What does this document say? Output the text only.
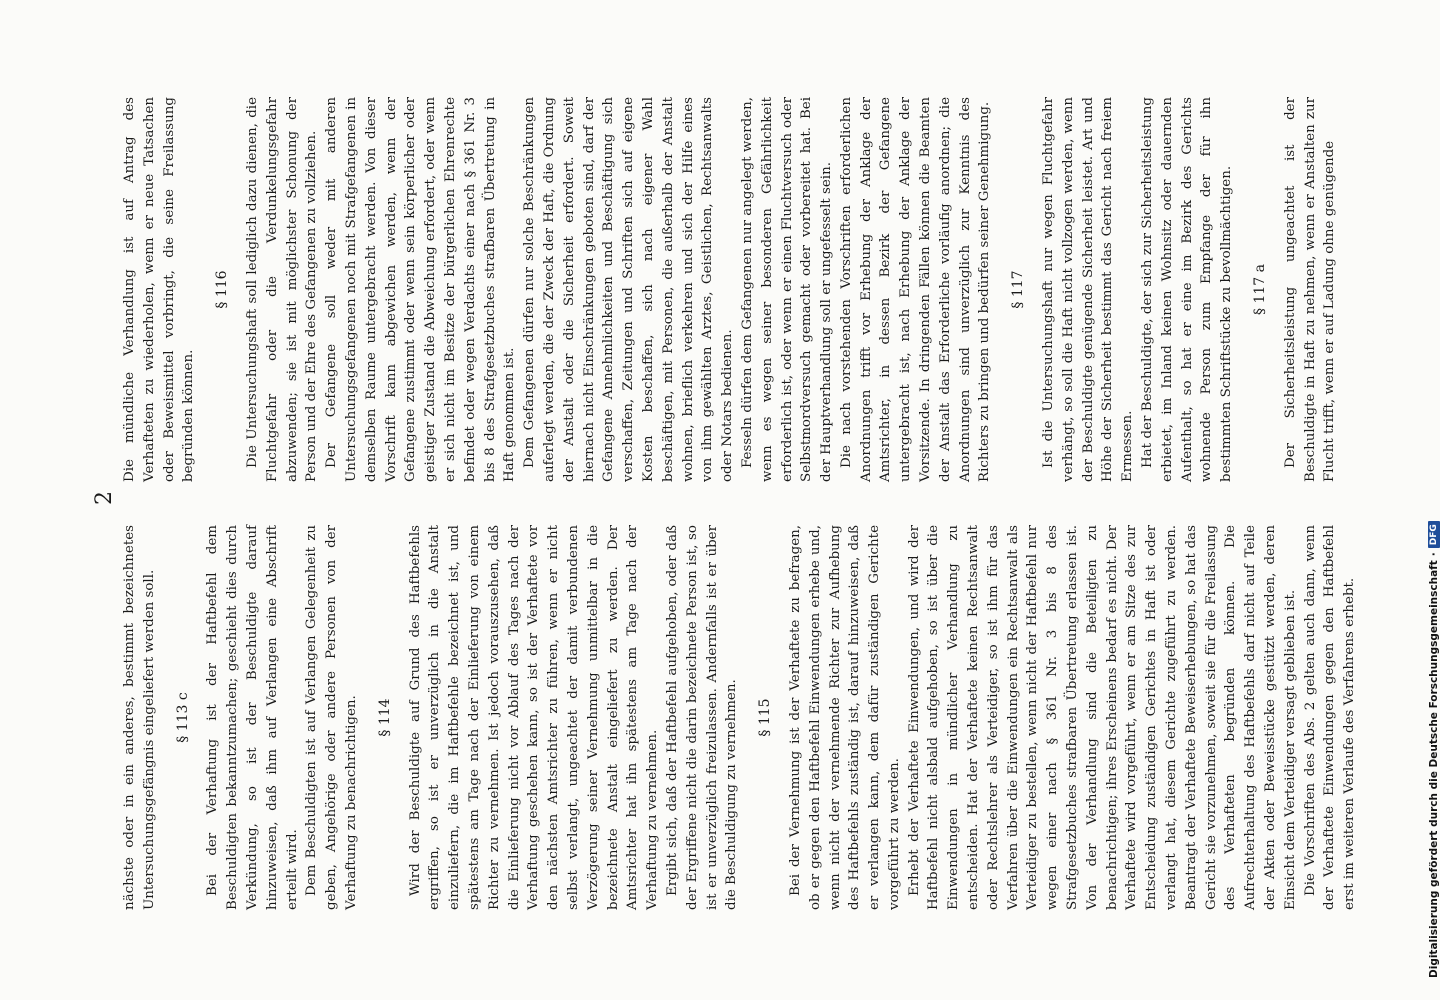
2

nächste oder in ein anderes, bestimmt bezeichnetes Untersuchungsgefängnis eingeliefert werden soll. § 113 c Bei der Verhaftung ist der Haftbefehl dem Beschuldigten bekanntzumachen; geschieht dies durch Verkündung, so ist der Beschuldigte darauf hinzuweisen, daß ihm auf Verlangen eine Abschrift erteilt wird. Dem Beschuldigten ist auf Verlangen Gelegenheit zu geben, Angehörige oder andere Personen von der Verhaftung zu benachrichtigen. § 114 Wird der Beschuldigte auf Grund des Haftbefehls ergriffen, so ist er unverzüglich in die Anstalt einzuliefern, die im Haftbefehle bezeichnet ist, und spätestens am Tage nach der Einlieferung von einem Richter zu vernehmen. Ist jedoch vorauszusehen, daß die Einlieferung nicht vor Ablauf des Tages nach der Verhaftung geschehen kann, so ist der Verhaftete vor den nächsten Amtsrichter zu führen, wenn er nicht selbst verlangt, ungeachtet der damit verbundenen Verzögerung seiner Vernehmung unmittelbar in die bezeichnete Anstalt eingeliefert zu werden. Der Amtsrichter hat ihn spätestens am Tage nach der Verhaftung zu vernehmen. Ergibt sich, daß der Haftbefehl aufgehoben, oder daß der Ergriffene nicht die darin bezeichnete Person ist, so ist er unverzüglich freizulassen. Andernfalls ist er über die Beschuldigung zu vernehmen. § 115 Bei der Vernehmung ist der Verhaftete zu befragen, ob er gegen den Haftbefehl Einwendungen erhebe und, wenn nicht der vernehmende Richter zur Aufhebung des Haftbefehls zuständig ist, darauf hinzuweisen, daß er verlangen kann, dem dafür zuständigen Gerichte vorgeführt zu werden. Erhebt der Verhaftete Einwendungen, und wird der Haftbefehl nicht alsbald aufgehoben, so ist über die Einwendungen in mündlicher Verhandlung zu entscheiden. Hat der Verhaftete keinen Rechtsanwalt oder Rechtslehrer als Verteidiger, so ist ihm für das Verfahren über die Einwendungen ein Rechtsanwalt als Verteidiger zu bestellen, wenn nicht der Haftbefehl nur wegen einer nach § 361 Nr. 3 bis 8 des Strafgesetzbuches strafbaren Übertretung erlassen ist. Von der Verhandlung sind die Beteiligten zu benachrichtigen; ihres Erscheinens bedarf es nicht. Der Verhaftete wird vorgeführt, wenn er am Sitze des zur Entscheidung zuständigen Gerichtes in Haft ist oder verlangt hat, diesem Gerichte zugeführt zu werden. Beantragt der Verhaftete Beweiserhebungen, so hat das Gericht sie vorzunehmen, soweit sie für die Freilassung des Verhafteten begründen können. Die Aufrechterhaltung des Haftbefehls darf nicht auf Teile der Akten oder Beweisstücke gestützt werden, deren Einsicht dem Verteidiger versagt geblieben ist. Die Vorschriften des Abs. 2 gelten auch dann, wenn der Verhaftete Einwendungen gegen den Haftbefehl erst im weiteren Verlaufe des Verfahrens erhebt.

Die mündliche Verhandlung ist auf Antrag des Verhafteten zu wiederholen, wenn er neue Tatsachen oder Beweismittel vorbringt, die seine Freilassung begründen können.

§ 116 Die Untersuchungshaft soll lediglich dazu dienen, die Fluchtgefahr oder die Verdunkelungsgefahr abzuwenden; sie ist mit möglichster Schonung der Person und der Ehre des Gefangenen zu vollziehen. Der Gefangene soll weder mit anderen Untersuchungsgefangenen noch mit Strafgefangenen in demselben Raume untergebracht werden. Von dieser Vorschrift kann abgewichen werden, wenn der Gefangene zustimmt oder wenn sein körperlicher oder geistiger Zustand die Abweichung erfordert, oder wenn er sich nicht im Besitze der bürgerlichen Ehrenrechte befindet oder wegen Verdachts einer nach § 361 Nr. 3 bis 8 des Strafgesetzbuches strafbaren Übertretung in Haft genommen ist. Dem Gefangenen dürfen nur solche Beschränkungen auferlegt werden, die der Zweck der Haft, die Ordnung der Anstalt oder die Sicherheit erfordert. Soweit hiernach nicht Einschränkungen geboten sind, darf der Gefangene Annehmlichkeiten und Beschäftigung sich verschaffen, Zeitungen und Schriften sich auf eigene Kosten beschaffen, sich nach eigener Wahl beschäftigen, mit Personen, die außerhalb der Anstalt wohnen, brieflich verkehren und sich der Hilfe eines von ihm gewählten Arztes, Geistlichen, Rechtsanwalts oder Notars bedienen. Fesseln dürfen dem Gefangenen nur angelegt werden, wenn es wegen seiner besonderen Gefährlichkeit erforderlich ist, oder wenn er einen Fluchtversuch oder Selbstmordversuch gemacht oder vorbereitet hat. Bei der Hauptverhandlung soll er ungefesselt sein. Die nach vorstehenden Vorschriften erforderlichen Anordnungen trifft vor Erhebung der Anklage der Amtsrichter, in dessen Bezirk der Gefangene untergebracht ist, nach Erhebung der Anklage der Vorsitzende. In dringenden Fällen können die Beamten der Anstalt das Erforderliche vorläufig anordnen; die Anordnungen sind unverzüglich zur Kenntnis des Richters zu bringen und bedürfen seiner Genehmigung. § 117 Ist die Untersuchungshaft nur wegen Fluchtgefahr verhängt, so soll die Haft nicht vollzogen werden, wenn der Beschuldigte genügende Sicherheit leistet. Art und Höhe der Sicherheit bestimmt das Gericht nach freiem Ermessen. Hat der Beschuldigte, der sich zur Sicherheitsleistung erbietet, im Inland keinen Wohnsitz oder dauernden Aufenthalt, so hat er eine im Bezirk des Gerichts wohnende Person zum Empfange der für ihn bestimmten Schriftstücke zu bevollmächtigen. § 117 a Der Sicherheitsleistung ungeachtet ist der Beschuldigte in Haft zu nehmen, wenn er Anstalten zur Flucht trifft, wenn er auf Ladung ohne genügende

Digitalisierung gefördert durch die Deutsche Forschungsgemeinschaft
·
DFG
